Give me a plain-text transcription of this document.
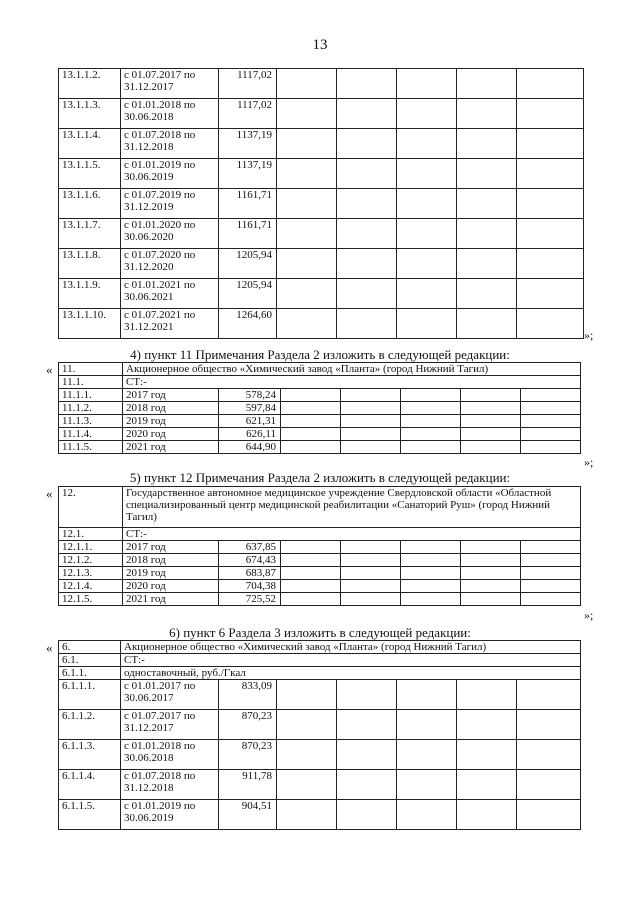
13
13.1.1.2.	с 01.07.2017 по 31.12.2017	1117,02					
13.1.1.3.	с 01.01.2018 по 30.06.2018	1117,02					
13.1.1.4.	с 01.07.2018 по 31.12.2018	1137,19					
13.1.1.5.	с 01.01.2019 по 30.06.2019	1137,19					
13.1.1.6.	с 01.07.2019 по 31.12.2019	1161,71					
13.1.1.7.	с 01.01.2020 по 30.06.2020	1161,71					
13.1.1.8.	с 01.07.2020 по 31.12.2020	1205,94					
13.1.1.9.	с 01.01.2021 по 30.06.2021	1205,94					
13.1.1.10.	с 01.07.2021 по 31.12.2021	1264,60					
»;
4) пункт 11 Примечания Раздела 2 изложить в следующей редакции:
« 11.	Акционерное общество «Химический завод «Планта» (город Нижний Тагил)						
11.1.	СТ:-						
11.1.1.	2017 год	578,24					
11.1.2.	2018 год	597,84					
11.1.3.	2019 год	621,31					
11.1.4.	2020 год	626,11					
11.1.5.	2021 год	644,90					
»;
5) пункт 12 Примечания Раздела 2 изложить в следующей редакции:
« 12.	Государственное автономное медицинское учреждение Свердловской области «Областной специализированный центр медицинской реабилитации «Санаторий Руш» (город Нижний Тагил)						
12.1.	СТ:-						
12.1.1.	2017 год	637,85					
12.1.2.	2018 год	674,43					
12.1.3.	2019 год	683,87					
12.1.4.	2020 год	704,38					
12.1.5.	2021 год	725,52					
»;
6) пункт 6 Раздела 3 изложить в следующей редакции:
« 6.	Акционерное общество «Химический завод «Планта» (город Нижний Тагил)						
6.1.	СТ:-						
6.1.1.	одноставочный, руб./Гкал						
6.1.1.1.	с 01.01.2017 по 30.06.2017	833,09					
6.1.1.2.	с 01.07.2017 по 31.12.2017	870,23					
6.1.1.3.	с 01.01.2018 по 30.06.2018	870,23					
6.1.1.4.	с 01.07.2018 по 31.12.2018	911,78					
6.1.1.5.	с 01.01.2019 по 30.06.2019	904,51					
